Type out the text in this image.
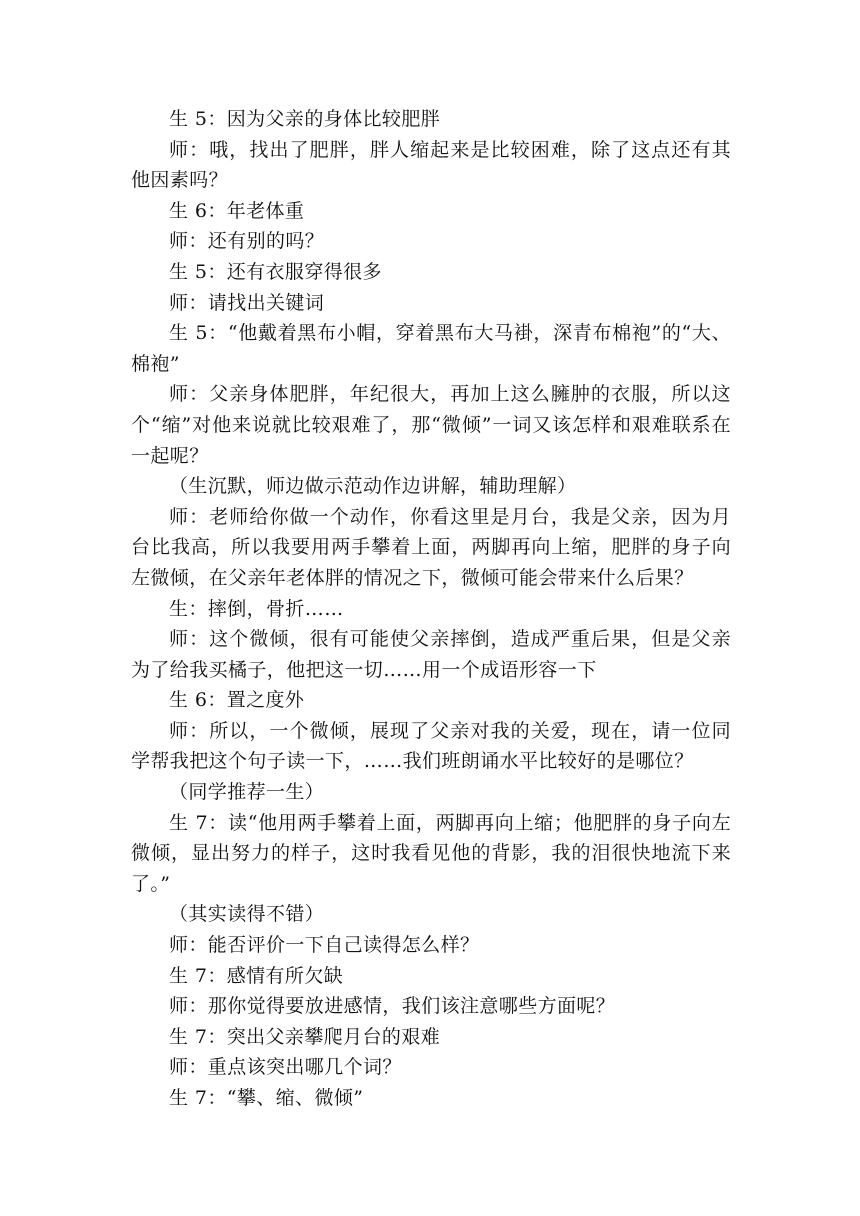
生 5：因为父亲的身体比较肥胖

师：哦，找出了肥胖，胖人缩起来是比较困难，除了这点还有其他因素吗？

生 6：年老体重

师：还有别的吗？

生 5：还有衣服穿得很多

师：请找出关键词

生 5：“他戴着黑布小帽，穿着黑布大马褂，深青布棉袍”的“大、棉袍”

师：父亲身体肥胖，年纪很大，再加上这么臃肿的衣服，所以这个“缩”对他来说就比较艰难了，那“微倾”一词又该怎样和艰难联系在一起呢？

（生沉默，师边做示范动作边讲解，辅助理解）

师：老师给你做一个动作，你看这里是月台，我是父亲，因为月台比我高，所以我要用两手攀着上面，两脚再向上缩，肥胖的身子向左微倾，在父亲年老体胖的情况之下，微倾可能会带来什么后果？

生：摔倒，骨折……

师：这个微倾，很有可能使父亲摔倒，造成严重后果，但是父亲为了给我买橘子，他把这一切……用一个成语形容一下

生 6：置之度外

师：所以，一个微倾，展现了父亲对我的关爱，现在，请一位同学帮我把这个句子读一下，……我们班朗诵水平比较好的是哪位？

（同学推荐一生）

生 7：读“他用两手攀着上面，两脚再向上缩；他肥胖的身子向左微倾，显出努力的样子，这时我看见他的背影，我的泪很快地流下来了。”

（其实读得不错）

师：能否评价一下自己读得怎么样？

生 7：感情有所欠缺

师：那你觉得要放进感情，我们该注意哪些方面呢？

生 7：突出父亲攀爬月台的艰难

师：重点该突出哪几个词？

生 7：“攀、缩、微倾”
